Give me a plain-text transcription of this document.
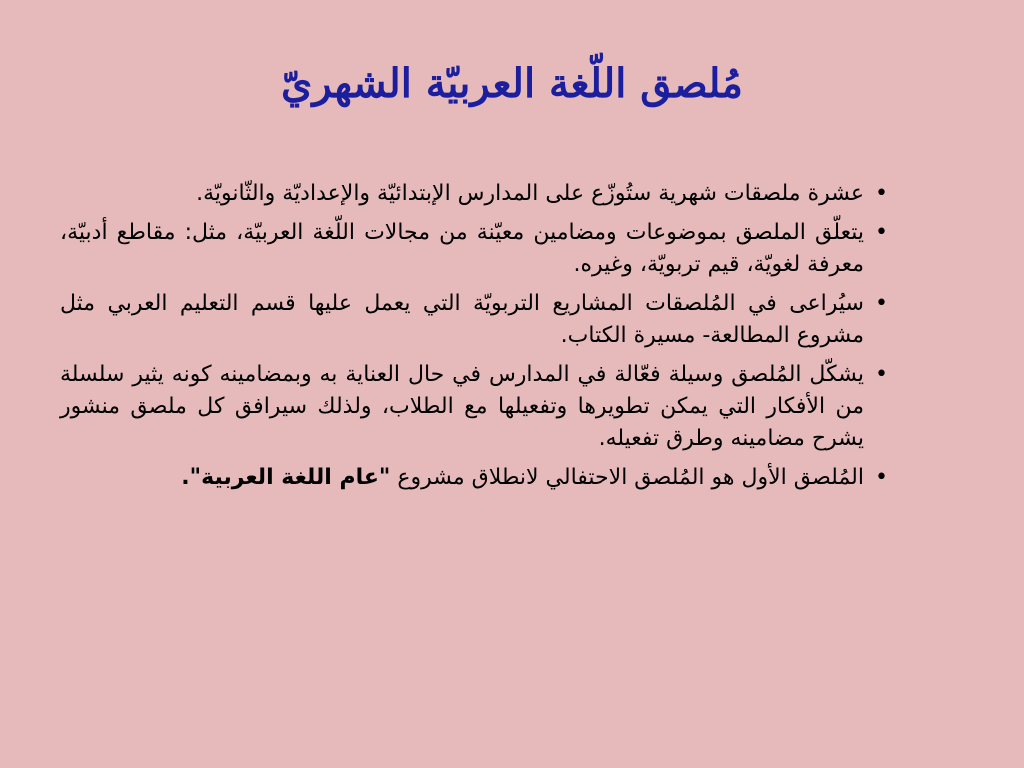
مُلصق اللّغة العربيّة الشهريّ
•
عشرة ملصقات شهرية ستُوزّع على المدارس الإبتدائيّة والإعداديّة والثّانويّة.
•
يتعلّق الملصق بموضوعات ومضامين معيّنة من مجالات اللّغة العربيّة، مثل: مقاطع أدبيّة، معرفة لغويّة، قيم تربويّة، وغيره.
•
سيُراعى في المُلصقات المشاريع التربويّة التي يعمل عليها قسم التعليم العربي مثل مشروع المطالعة- مسيرة الكتاب.
•
يشكّل المُلصق وسيلة فعّالة في المدارس في حال العناية به وبمضامينه كونه يثير سلسلة من الأفكار التي يمكن تطويرها وتفعيلها مع الطلاب، ولذلك سيرافق كل ملصق منشور يشرح مضامينه وطرق تفعيله.
•
المُلصق الأول هو المُلصق الاحتفالي لانطلاق مشروع "عام اللغة العربية".
